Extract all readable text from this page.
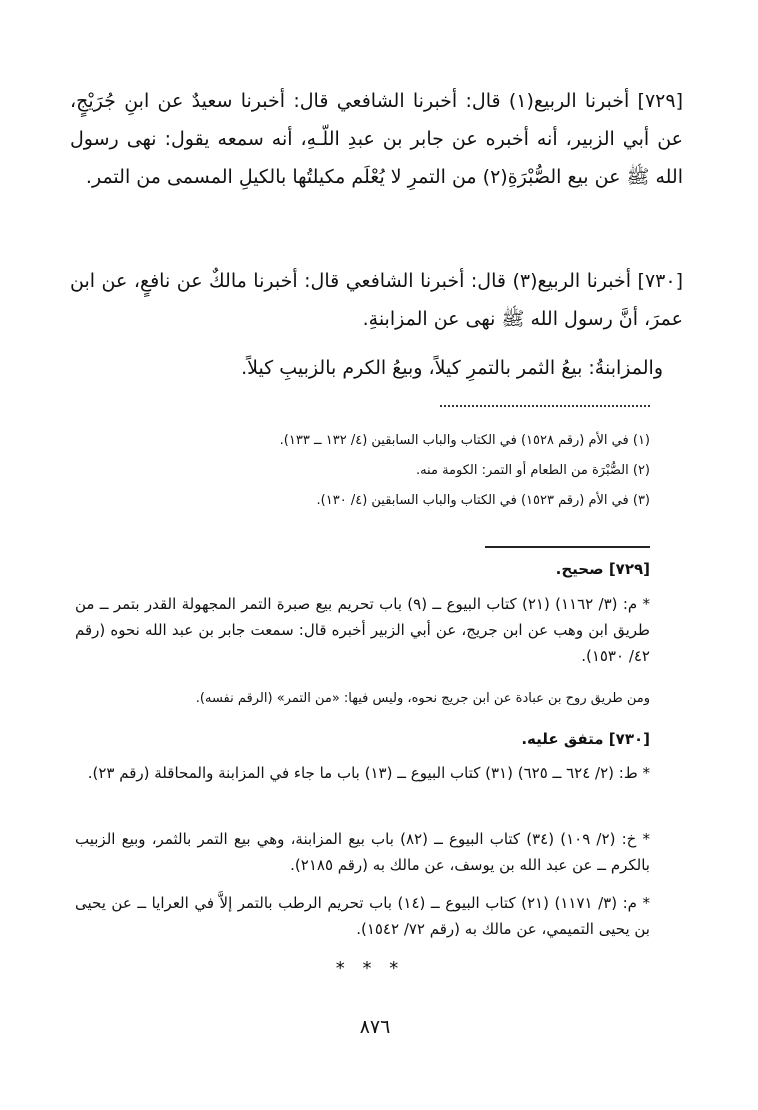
[٧٢٩] أخبرنا الربيع(١) قال: أخبرنا الشافعي قال: أخبرنا سعيدٌ عن ابنِ جُرَيْجٍ، عن أبي الزبير، أنه أخبره عن جابر بن عبدِ اللّـهِ، أنه سمعه يقول: نهى رسول الله ﷺ عن بيع الصُّبْرَةِ(٢) من التمرِ لا يُعْلَم مكيلتُها بالكيلِ المسمى من التمر.

[٧٣٠] أخبرنا الربيع(٣) قال: أخبرنا الشافعي قال: أخبرنا مالكٌ عن نافعٍ، عن ابن عمرَ، أنَّ رسول الله ﷺ نهى عن المزابنةِ.

والمزابنةُ: بيعُ الثمر بالتمرِ كيلاً، وبيعُ الكرم بالزبيبِ كيلاً.

(١) في الأم (رقم ١٥٢٨) في الكتاب والباب السابقين (٤/ ١٣٢ ــ ١٣٣).
(٢) الصُّبْرَة من الطعام أو التمر: الكومة منه.
(٣) في الأم (رقم ١٥٢٣) في الكتاب والباب السابقين (٤/ ١٣٠).
[٧٢٩] صحيح.
* م: (٣/ ١١٦٢) (٢١) كتاب البيوع ــ (٩) باب تحريم بيع صبرة التمر المجهولة القدر بتمر ــ من طريق ابن وهب عن ابن جريج، عن أبي الزبير أخبره قال: سمعت جابر بن عبد الله نحوه (رقم ٤٢/ ١٥٣٠).
ومن طريق روح بن عبادة عن ابن جريج نحوه، وليس فيها: «من التمر» (الرقم نفسه).
[٧٣٠] متفق عليه.
* ط: (٢/ ٦٢٤ ــ ٦٢٥) (٣١) كتاب البيوع ــ (١٣) باب ما جاء في المزابنة والمحاقلة (رقم ٢٣).
* خ: (٢/ ١٠٩) (٣٤) كتاب البيوع ــ (٨٢) باب بيع المزابنة، وهي بيع التمر بالثمر، وبيع الزبيب بالكرم ــ عن عبد الله بن يوسف، عن مالك به (رقم ٢١٨٥).
* م: (٣/ ١١٧١) (٢١) كتاب البيوع ــ (١٤) باب تحريم الرطب بالتمر إلاَّ في العرايا ــ عن يحيى بن يحيى التميمي، عن مالك به (رقم ٧٢/ ١٥٤٢).
* * *
٨٧٦
